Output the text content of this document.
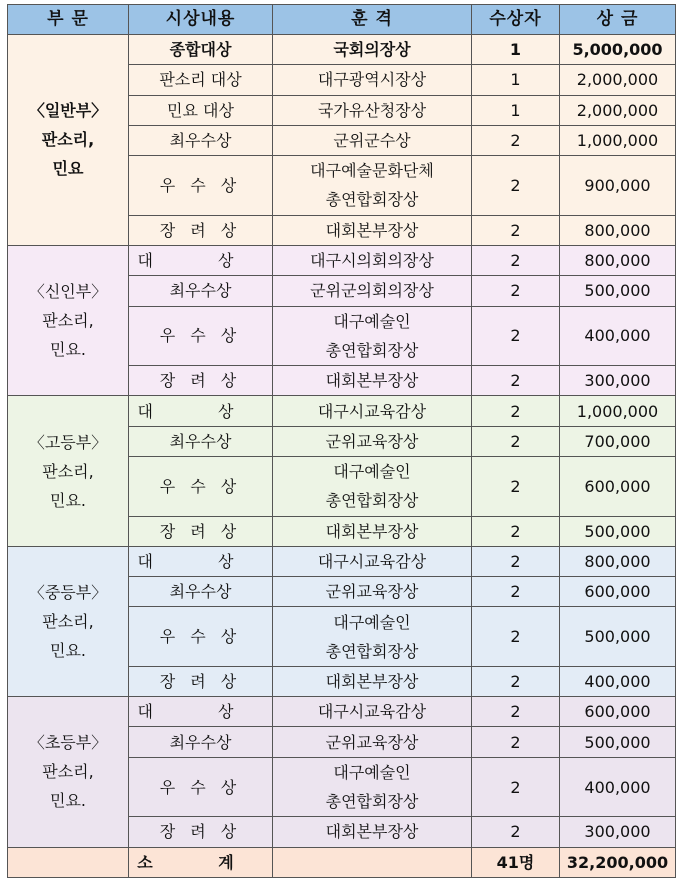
부 문	시상내용	훈 격	수상자	상 금

〈일반부〉
판소리,
민요	종합대상	국회의장상	1	5,000,000
	판소리 대상	대구광역시장상	1	2,000,000
	민요 대상	국가유산청장상	1	2,000,000
	최우수상	군위군수상	2	1,000,000
	우 수 상	대구예술문화단체
총연합회장상	2	900,000
	장 려 상	대회본부장상	2	800,000

〈신인부〉
판소리,
민요.	대 상	대구시의회의장상	2	800,000
	최우수상	군위군의회의장상	2	500,000
	우 수 상	대구예술인
총연합회장상	2	400,000
	장 려 상	대회본부장상	2	300,000

〈고등부〉
판소리,
민요.	대 상	대구시교육감상	2	1,000,000
	최우수상	군위교육장상	2	700,000
	우 수 상	대구예술인
총연합회장상	2	600,000
	장 려 상	대회본부장상	2	500,000

〈중등부〉
판소리,
민요.	대 상	대구시교육감상	2	800,000
	최우수상	군위교육장상	2	600,000
	우 수 상	대구예술인
총연합회장상	2	500,000
	장 려 상	대회본부장상	2	400,000

〈초등부〉
판소리,
민요.	대 상	대구시교육감상	2	600,000
	최우수상	군위교육장상	2	500,000
	우 수 상	대구예술인
총연합회장상	2	400,000
	장 려 상	대회본부장상	2	300,000
	소 계		41명	32,200,000
